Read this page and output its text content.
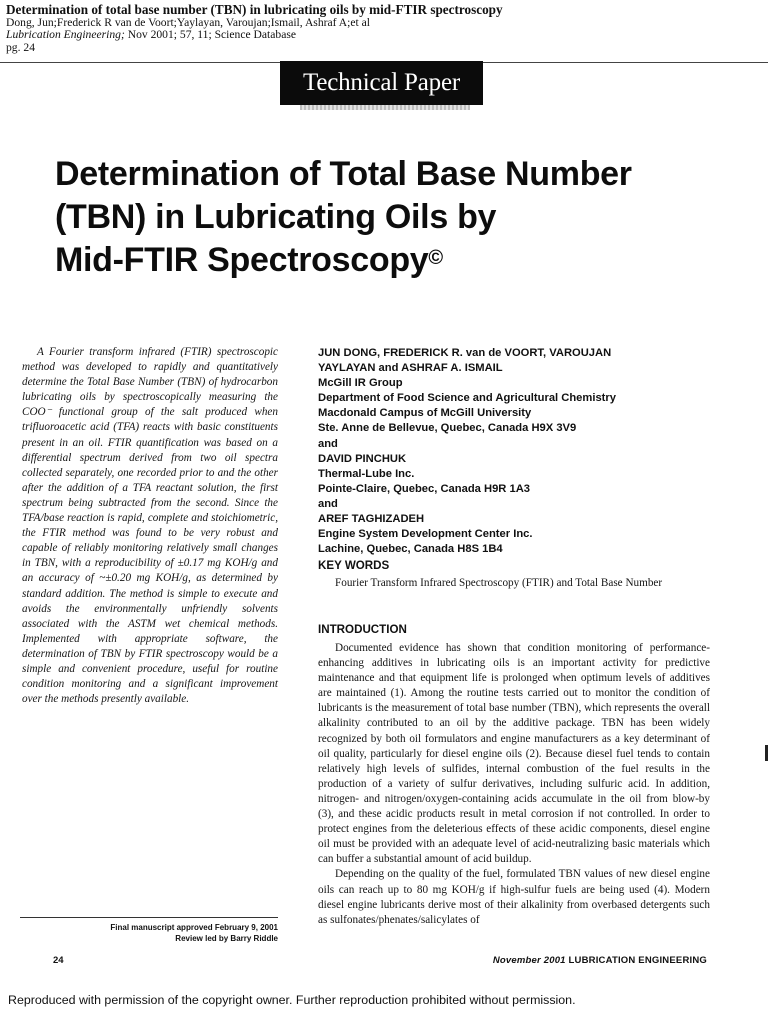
Determination of total base number (TBN) in lubricating oils by mid-FTIR spectroscopy
Dong, Jun;Frederick R van de Voort;Yaylayan, Varoujan;Ismail, Ashraf A;et al
Lubrication Engineering; Nov 2001; 57, 11; Science Database
pg. 24
Technical Paper
Determination of Total Base Number
(TBN) in Lubricating Oils by
Mid-FTIR Spectroscopy©
A Fourier transform infrared (FTIR) spectroscopic method was developed to rapidly and quantitatively determine the Total Base Number (TBN) of hydrocarbon lubricating oils by spectroscopically measuring the COO⁻ functional group of the salt produced when trifluoroacetic acid (TFA) reacts with basic constituents present in an oil. FTIR quantification was based on a differential spectrum derived from two oil spectra collected separately, one recorded prior to and the other after the addition of a TFA reactant solution, the first spectrum being subtracted from the second. Since the TFA/base reaction is rapid, complete and stoichiometric, the FTIR method was found to be very robust and capable of reliably monitoring relatively small changes in TBN, with a reproducibility of ±0.17 mg KOH/g and an accuracy of ~±0.20 mg KOH/g, as determined by standard addition. The method is simple to execute and avoids the environmentally unfriendly solvents associated with the ASTM wet chemical methods. Implemented with appropriate software, the determination of TBN by FTIR spectroscopy would be a simple and convenient procedure, useful for routine condition monitoring and a significant improvement over the methods presently available.
JUN DONG, FREDERICK R. van de VOORT, VAROUJAN
YAYLAYAN and ASHRAF A. ISMAIL
McGill IR Group
Department of Food Science and Agricultural Chemistry
Macdonald Campus of McGill University
Ste. Anne de Bellevue, Quebec, Canada H9X 3V9
and
DAVID PINCHUK
Thermal-Lube Inc.
Pointe-Claire, Quebec, Canada H9R 1A3
and
AREF TAGHIZADEH
Engine System Development Center Inc.
Lachine, Quebec, Canada H8S 1B4
KEY WORDS

Fourier Transform Infrared Spectroscopy (FTIR) and Total Base Number

INTRODUCTION

Documented evidence has shown that condition monitoring of performance-enhancing additives in lubricating oils is an important activity for predictive maintenance and that equipment life is prolonged when optimum levels of additives are maintained (1). Among the routine tests carried out to monitor the condition of lubricants is the measurement of total base number (TBN), which represents the overall alkalinity contributed to an oil by the additive package. TBN has been widely recognized by both oil formulators and engine manufacturers as a key determinant of oil quality, particularly for diesel engine oils (2). Because diesel fuel tends to contain relatively high levels of sulfides, internal combustion of the fuel results in the production of a variety of sulfur derivatives, including sulfuric acid. In addition, nitrogen- and nitrogen/oxygen-containing acids accumulate in the oil from blow-by (3), and these acidic products result in metal corrosion if not controlled. In order to protect engines from the deleterious effects of these acidic components, diesel engine oil must be provided with an adequate level of acid-neutralizing basic materials which can buffer a substantial amount of acid buildup.

Depending on the quality of the fuel, formulated TBN values of new diesel engine oils can reach up to 80 mg KOH/g if high-sulfur fuels are being used (4). Modern diesel engine lubricants derive most of their alkalinity from overbased detergents such as sulfonates/phenates/salicylates of

Final manuscript approved February 9, 2001
Review led by Barry Riddle
24	November 2001 LUBRICATION ENGINEERING
Reproduced with permission of the copyright owner. Further reproduction prohibited without permission.
